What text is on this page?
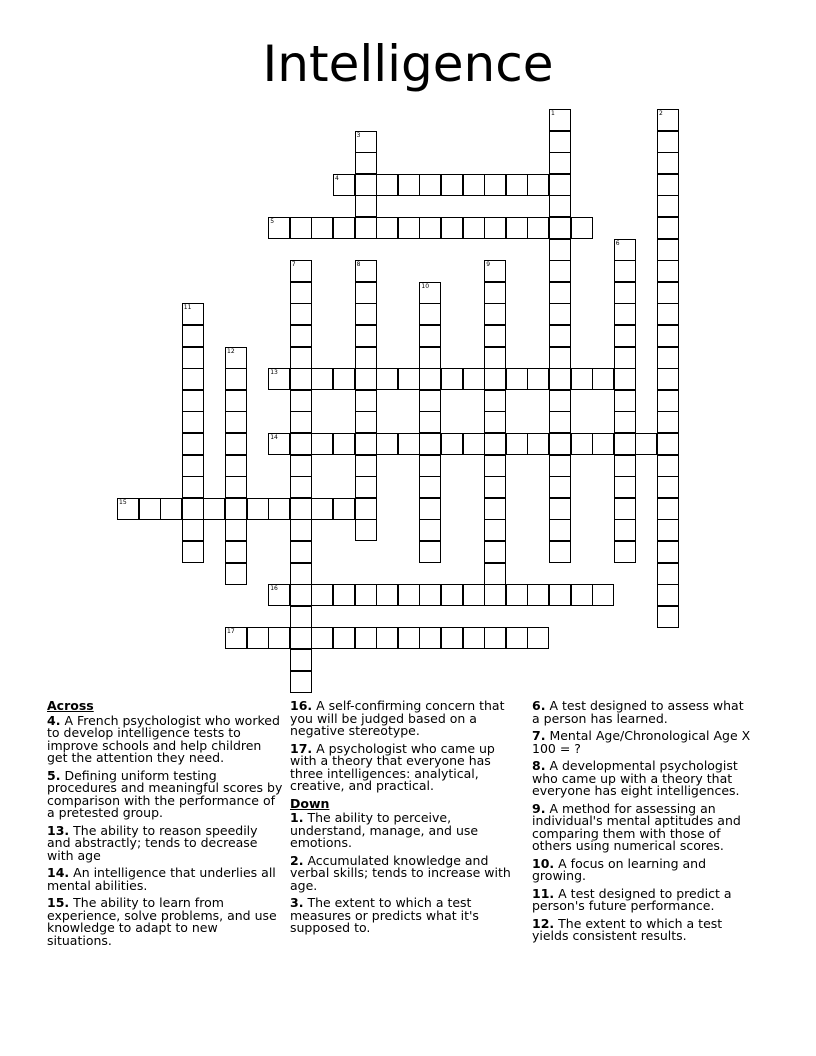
Intelligence
1	2
3
4
5
6
7	8	9
10
11
12
13
14
15
16
17
Across
4. A French psychologist who worked to develop intelligence tests to improve schools and help children get the attention they need.
5. Defining uniform testing procedures and meaningful scores by comparison with the performance of a pretested group.
13. The ability to reason speedily and abstractly; tends to decrease with age
14. An intelligence that underlies all mental abilities.
15. The ability to learn from experience, solve problems, and use knowledge to adapt to new situations.
16. A self-confirming concern that you will be judged based on a negative stereotype.
17. A psychologist who came up with a theory that everyone has three intelligences: analytical, creative, and practical.
Down
1. The ability to perceive, understand, manage, and use emotions.
2. Accumulated knowledge and verbal skills; tends to increase with age.
3. The extent to which a test measures or predicts what it's supposed to.
6. A test designed to assess what a person has learned.
7. Mental Age/Chronological Age X 100 = ?
8. A developmental psychologist who came up with a theory that everyone has eight intelligences.
9. A method for assessing an individual's mental aptitudes and comparing them with those of others using numerical scores.
10. A focus on learning and growing.
11. A test designed to predict a person's future performance.
12. The extent to which a test yields consistent results.
